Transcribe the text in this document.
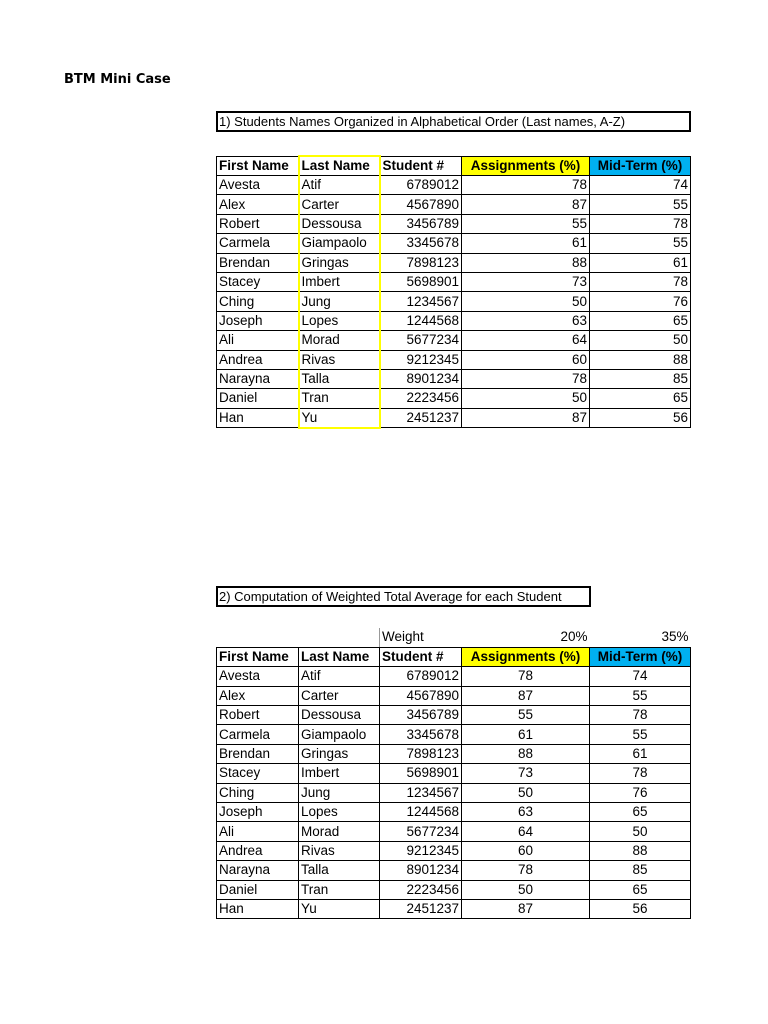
BTM Mini Case
1) Students Names Organized in Alphabetical Order (Last names, A-Z)
First Name	Last Name	Student #	Assignments (%)	Mid-Term (%)
Avesta	Atif	6789012	78	74
Alex	Carter	4567890	87	55
Robert	Dessousa	3456789	55	78
Carmela	Giampaolo	3345678	61	55
Brendan	Gringas	7898123	88	61
Stacey	Imbert	5698901	73	78
Ching	Jung	1234567	50	76
Joseph	Lopes	1244568	63	65
Ali	Morad	5677234	64	50
Andrea	Rivas	9212345	60	88
Narayna	Talla	8901234	78	85
Daniel	Tran	2223456	50	65
Han	Yu	2451237	87	56
2) Computation of Weighted Total Average for each Student
		Weight	20%	35%
First Name	Last Name	Student #	Assignments (%)	Mid-Term (%)
Avesta	Atif	6789012	78	74
Alex	Carter	4567890	87	55
Robert	Dessousa	3456789	55	78
Carmela	Giampaolo	3345678	61	55
Brendan	Gringas	7898123	88	61
Stacey	Imbert	5698901	73	78
Ching	Jung	1234567	50	76
Joseph	Lopes	1244568	63	65
Ali	Morad	5677234	64	50
Andrea	Rivas	9212345	60	88
Narayna	Talla	8901234	78	85
Daniel	Tran	2223456	50	65
Han	Yu	2451237	87	56
